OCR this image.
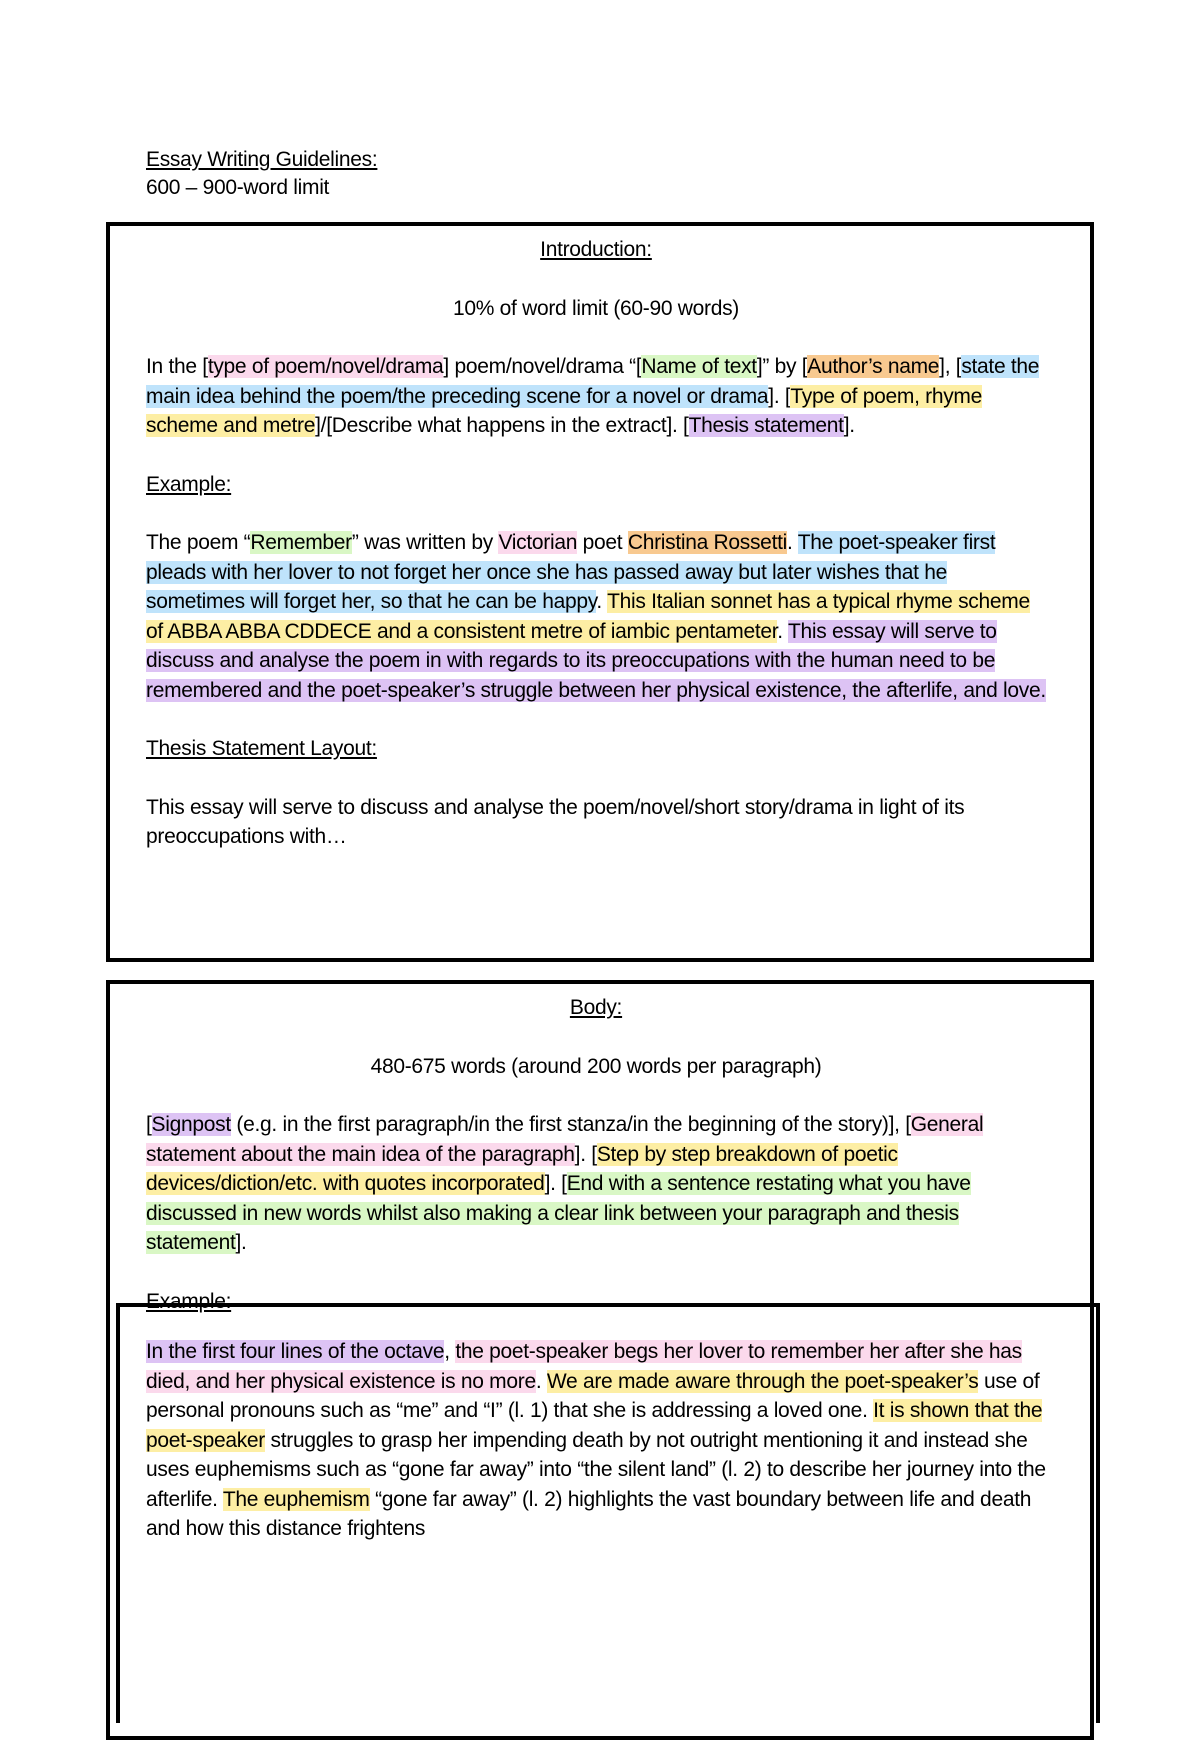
Essay Writing Guidelines:

600 – 900-word limit

Introduction:

10% of word limit (60-90 words)

In the [type of poem/novel/drama] poem/novel/drama “[Name of text]” by [Author’s name], [state the main idea behind the poem/the preceding scene for a novel or drama]. [Type of poem, rhyme scheme and metre]/[Describe what happens in the extract]. [Thesis statement].

Example:

The poem “Remember” was written by Victorian poet Christina Rossetti. The poet-speaker first pleads with her lover to not forget her once she has passed away but later wishes that he sometimes will forget her, so that he can be happy. This Italian sonnet has a typical rhyme scheme of ABBA ABBA CDDECE and a consistent metre of iambic pentameter. This essay will serve to discuss and analyse the poem in with regards to its preoccupations with the human need to be remembered and the poet-speaker’s struggle between her physical existence, the afterlife, and love.

Thesis Statement Layout:

This essay will serve to discuss and analyse the poem/novel/short story/drama in light of its preoccupations with…

Body:

480-675 words (around 200 words per paragraph)

[Signpost (e.g. in the first paragraph/in the first stanza/in the beginning of the story)], [General statement about the main idea of the paragraph]. [Step by step breakdown of poetic devices/diction/etc. with quotes incorporated]. [End with a sentence restating what you have discussed in new words whilst also making a clear link between your paragraph and thesis statement].

Example:

In the first four lines of the octave, the poet-speaker begs her lover to remember her after she has died, and her physical existence is no more. We are made aware through the poet-speaker’s use of personal pronouns such as “me” and “I” (l. 1) that she is addressing a loved one. It is shown that the poet-speaker struggles to grasp her impending death by not outright mentioning it and instead she uses euphemisms such as “gone far away” into “the silent land” (l. 2) to describe her journey into the afterlife. The euphemism “gone far away” (l. 2) highlights the vast boundary between life and death and how this distance frightens
